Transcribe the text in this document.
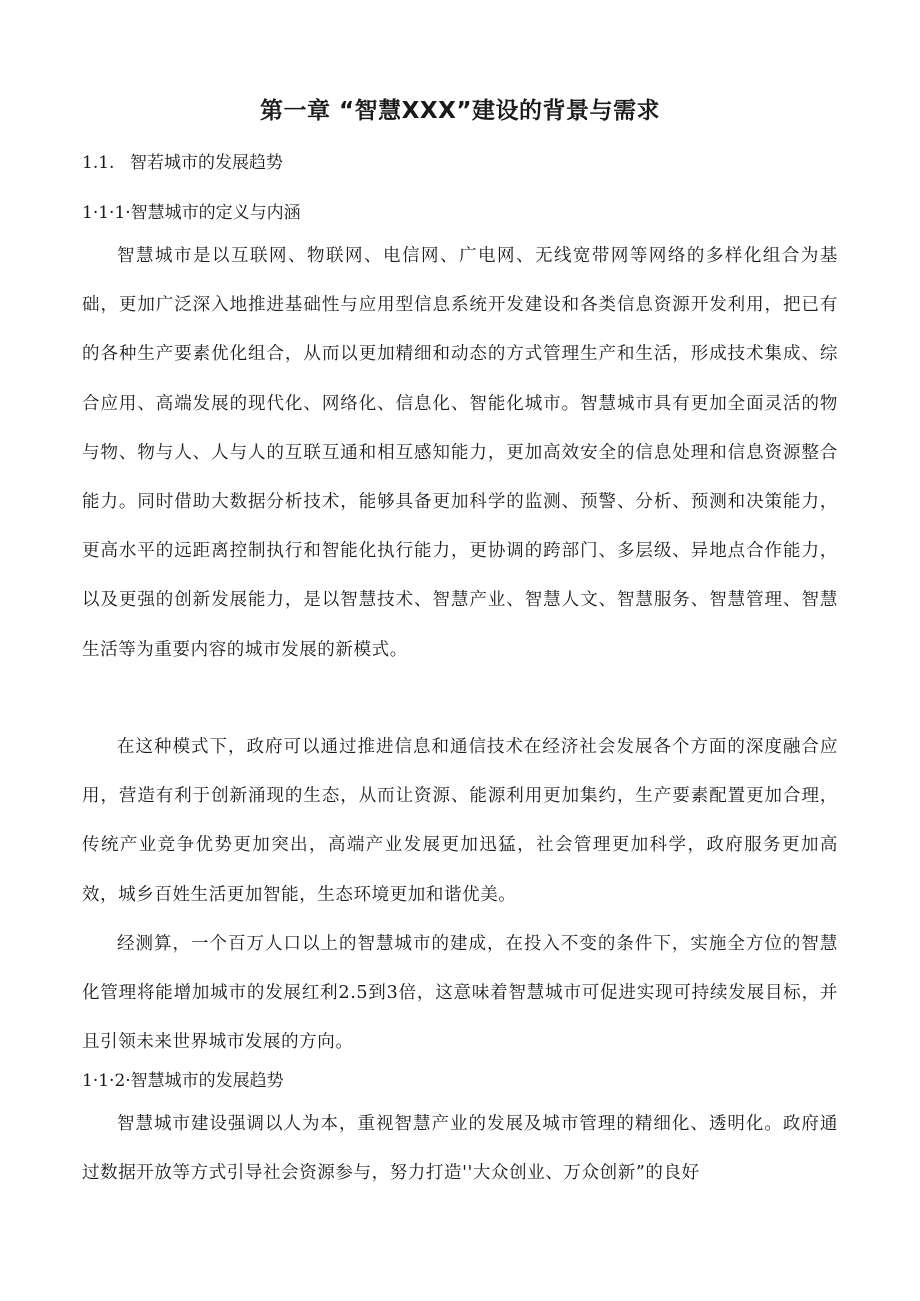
第一章 “智慧XXX”建设的背景与需求
1.1. 智若城市的发展趋势
1·1·1·智慧城市的定义与内涵

智慧城市是以互联网、物联网、电信网、广电网、无线宽带网等网络的多样化组合为基础，更加广泛深入地推进基础性与应用型信息系统开发建设和各类信息资源开发利用，把已有的各种生产要素优化组合，从而以更加精细和动态的方式管理生产和生活，形成技术集成、综合应用、高端发展的现代化、网络化、信息化、智能化城市。智慧城市具有更加全面灵活的物与物、物与人、人与人的互联互通和相互感知能力，更加高效安全的信息处理和信息资源整合能力。同时借助大数据分析技术，能够具备更加科学的监测、预警、分析、预测和决策能力，更高水平的远距离控制执行和智能化执行能力，更协调的跨部门、多层级、异地点合作能力，以及更强的创新发展能力，是以智慧技术、智慧产业、智慧人文、智慧服务、智慧管理、智慧生活等为重要内容的城市发展的新模式。

在这种模式下，政府可以通过推进信息和通信技术在经济社会发展各个方面的深度融合应用，营造有利于创新涌现的生态，从而让资源、能源利用更加集约，生产要素配置更加合理，传统产业竞争优势更加突出，高端产业发展更加迅猛，社会管理更加科学，政府服务更加高效，城乡百姓生活更加智能，生态环境更加和谐优美。

经测算，一个百万人口以上的智慧城市的建成，在投入不变的条件下，实施全方位的智慧化管理将能增加城市的发展红利2.5到3倍，这意味着智慧城市可促进实现可持续发展目标，并且引领未来世界城市发展的方向。

1·1·2·智慧城市的发展趋势

智慧城市建设强调以人为本，重视智慧产业的发展及城市管理的精细化、透明化。政府通过数据开放等方式引导社会资源参与，努力打造''大众创业、万众创新”的良好
